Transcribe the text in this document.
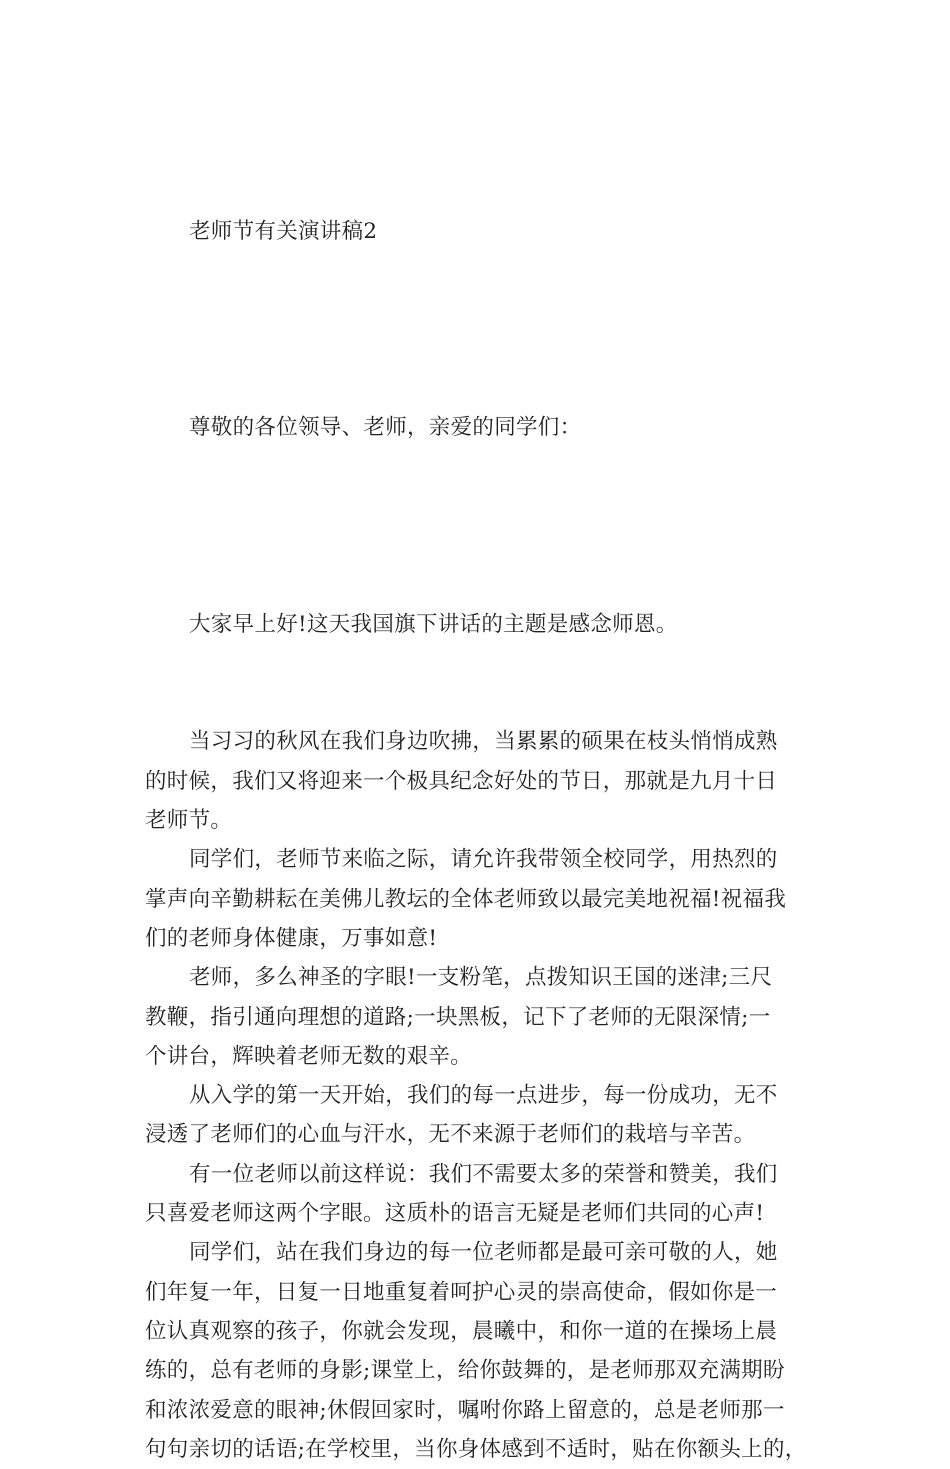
老师节有关演讲稿2

尊敬的各位领导、老师，亲爱的同学们：

大家早上好!这天我国旗下讲话的主题是感念师恩。

当习习的秋风在我们身边吹拂，当累累的硕果在枝头悄悄成熟
的时候，我们又将迎来一个极具纪念好处的节日，那就是九月十日
老师节。
同学们，老师节来临之际，请允许我带领全校同学，用热烈的
掌声向辛勤耕耘在美佛儿教坛的全体老师致以最完美地祝福!祝福我
们的老师身体健康，万事如意!
老师，多么神圣的字眼!一支粉笔，点拨知识王国的迷津;三尺
教鞭，指引通向理想的道路;一块黑板，记下了老师的无限深情;一
个讲台，辉映着老师无数的艰辛。
从入学的第一天开始，我们的每一点进步，每一份成功，无不
浸透了老师们的心血与汗水，无不来源于老师们的栽培与辛苦。
有一位老师以前这样说：我们不需要太多的荣誉和赞美，我们
只喜爱老师这两个字眼。这质朴的语言无疑是老师们共同的心声!
同学们，站在我们身边的每一位老师都是最可亲可敬的人，她
们年复一年，日复一日地重复着呵护心灵的崇高使命，假如你是一
位认真观察的孩子，你就会发现，晨曦中，和你一道的在操场上晨
练的，总有老师的身影;课堂上，给你鼓舞的，是老师那双充满期盼
和浓浓爱意的眼神;休假回家时，嘱咐你路上留意的，总是老师那一
句句亲切的话语;在学校里，当你身体感到不适时，贴在你额头上的，
